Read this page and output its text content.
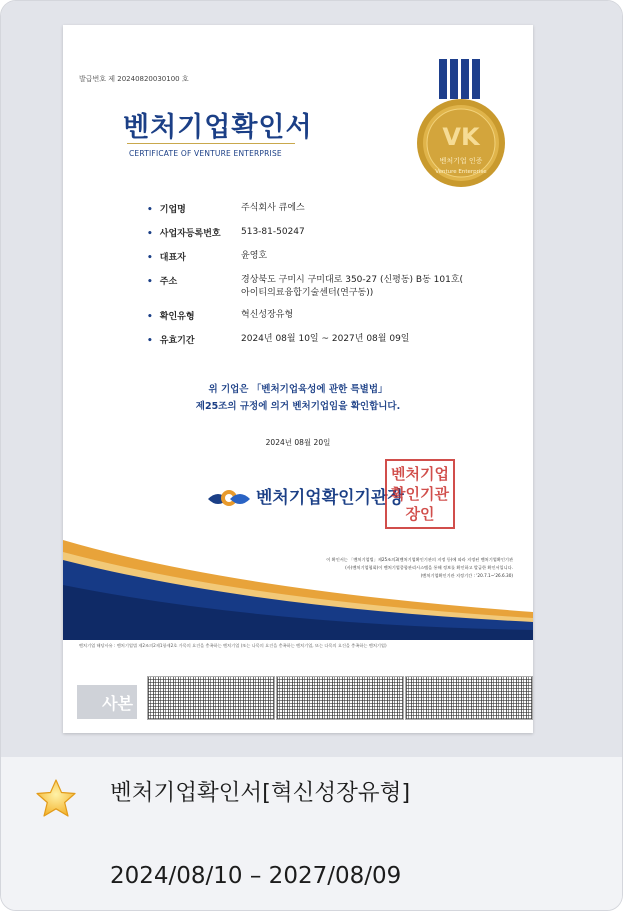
발급번호 제 20240820030100 호
벤처기업확인서
CERTIFICATE OF VENTURE ENTERPRISE
VK
벤처기업 인증
Venture Enterprise
• 기업명	주식회사 큐에스
• 사업자등록번호	513-81-50247
• 대표자	윤영호
• 주소	경상북도 구미시 구미대로 350-27 (신평동) B동 101호(
아이티의료융합기술센터(연구동))
• 확인유형	혁신성장유형
• 유효기간	2024년 08월 10일 ~ 2027년 08월 09일
위 기업은 「벤처기업육성에 관한 특별법」
제25조의 규정에 의거 벤처기업임을 확인합니다.
2024년 08월 20일
벤처기업확인기관장
벤처기업확인기관장인
이 확인서는 「벤처기업법」제25조의3(벤처기업확인기관의 지정 등)에 따라 지정된 벤처기업확인기관
(사)벤처기업협회)이 벤처기업종합관리시스템을 통해 정보를 확인하고 발급한 확인서입니다.
(벤처기업확인기관 지정기간 : '20.7.1~'26.6.30)
벤처기업 해당사유 : 벤처기업법 제2조의2제1항제2호 가목의 요건을 충족하는 벤처기업 (또는 나목의 요건을 충족하는 벤처기업, 또는 다목의 요건을 충족하는 벤처기업)
사본
벤처기업확인서[혁신성장유형]
2024/08/10 – 2027/08/09
